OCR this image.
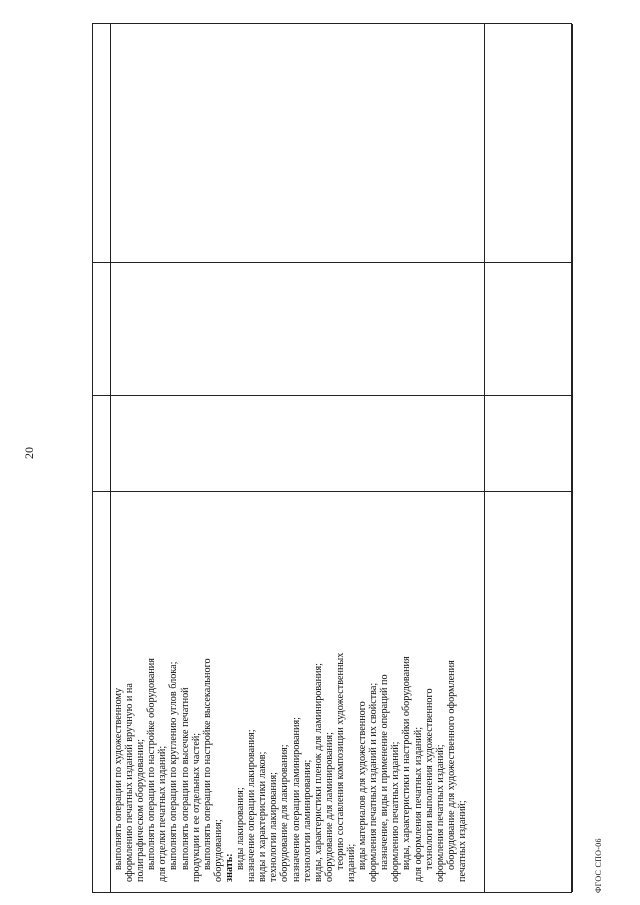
выполнять операции по художественному оформлению печатных изданий вручную и на полиграфическом оборудовании; выполнять операции по настройке оборудования для отделки печатных изданий; выполнять операции по круглению углов блока; выполнять операции по высечке печатной продукции и ее отдельных частей; выполнять операции по настройке высекального оборудования; знать: виды лакирования; назначение операции лакирования; виды и характеристики лаков; технологии лакирования; оборудование для лакирования; назначение операции ламинирования; технологии ламинирования; виды, характеристики пленок для ламинирования; оборудование для ламинирования; теорию составления композиции художественных изданий; виды материалов для художественного оформления печатных изданий и их свойства; назначение, виды и применение операций по оформлению печатных изданий; виды, характеристики и настройки оборудования для оформления печатных изданий; технологии выполнения художественного оформления печатных изданий; оборудование для художественного оформления печатных изданий;

20
ФГОС СПО-06
